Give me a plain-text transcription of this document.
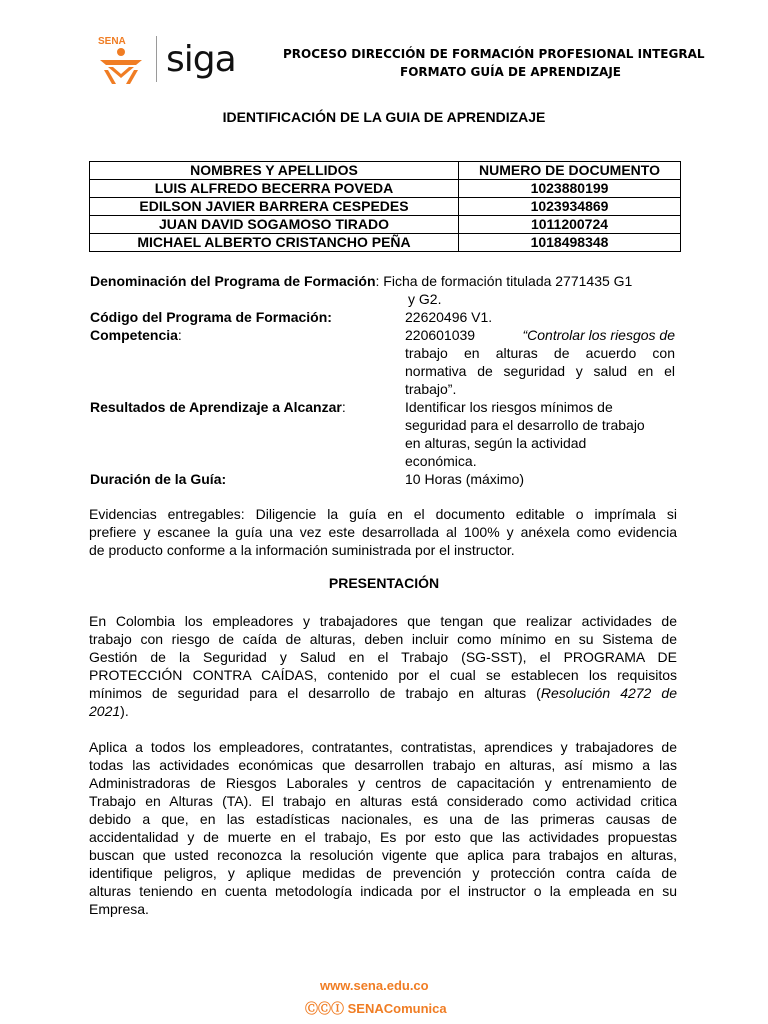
SENA siga	PROCESO DIRECCIÓN DE FORMACIÓN PROFESIONAL INTEGRAL
FORMATO GUÍA DE APRENDIZAJE
IDENTIFICACIÓN DE LA GUIA DE APRENDIZAJE
NOMBRES Y APELLIDOS	NUMERO DE DOCUMENTO
LUIS ALFREDO BECERRA POVEDA	1023880199
EDILSON JAVIER BARRERA CESPEDES	1023934869
JUAN DAVID SOGAMOSO TIRADO	1011200724
MICHAEL ALBERTO CRISTANCHO PEÑA	1018498348
Denominación del Programa de Formación: Ficha de formación titulada 2771435 G1
y G2.
Código del Programa de Formación:	22620496 V1.
Competencia:	220601039	“Controlar los riesgos de
trabajo en alturas de acuerdo con
normativa de seguridad y salud en el
trabajo”.
Resultados de Aprendizaje a Alcanzar:	Identificar los riesgos mínimos de
seguridad para el desarrollo de trabajo
en alturas, según la actividad
económica.
Duración de la Guía:	10 Horas (máximo)
Evidencias entregables: Diligencie la guía en el documento editable o imprímala si
prefiere y escanee la guía una vez este desarrollada al 100% y anéxela como evidencia
de producto conforme a la información suministrada por el instructor.
PRESENTACIÓN
En Colombia los empleadores y trabajadores que tengan que realizar actividades de
trabajo con riesgo de caída de alturas, deben incluir como mínimo en su Sistema de
Gestión de la Seguridad y Salud en el Trabajo (SG-SST), el PROGRAMA DE
PROTECCIÓN CONTRA CAÍDAS, contenido por el cual se establecen los requisitos
mínimos de seguridad para el desarrollo de trabajo en alturas (Resolución 4272 de
2021).
Aplica a todos los empleadores, contratantes, contratistas, aprendices y trabajadores de
todas las actividades económicas que desarrollen trabajo en alturas, así mismo a las
Administradoras de Riesgos Laborales y centros de capacitación y entrenamiento de
Trabajo en Alturas (TA). El trabajo en alturas está considerado como actividad critica
debido a que, en las estadísticas nacionales, es una de las primeras causas de
accidentalidad y de muerte en el trabajo, Es por esto que las actividades propuestas
buscan que usted reconozca la resolución vigente que aplica para trabajos en alturas,
identifique peligros, y aplique medidas de prevención y protección contra caída de
alturas teniendo en cuenta metodología indicada por el instructor o la empleada en su
Empresa.
www.sena.edu.co
ⒸⒸⒾ SENAComunica
